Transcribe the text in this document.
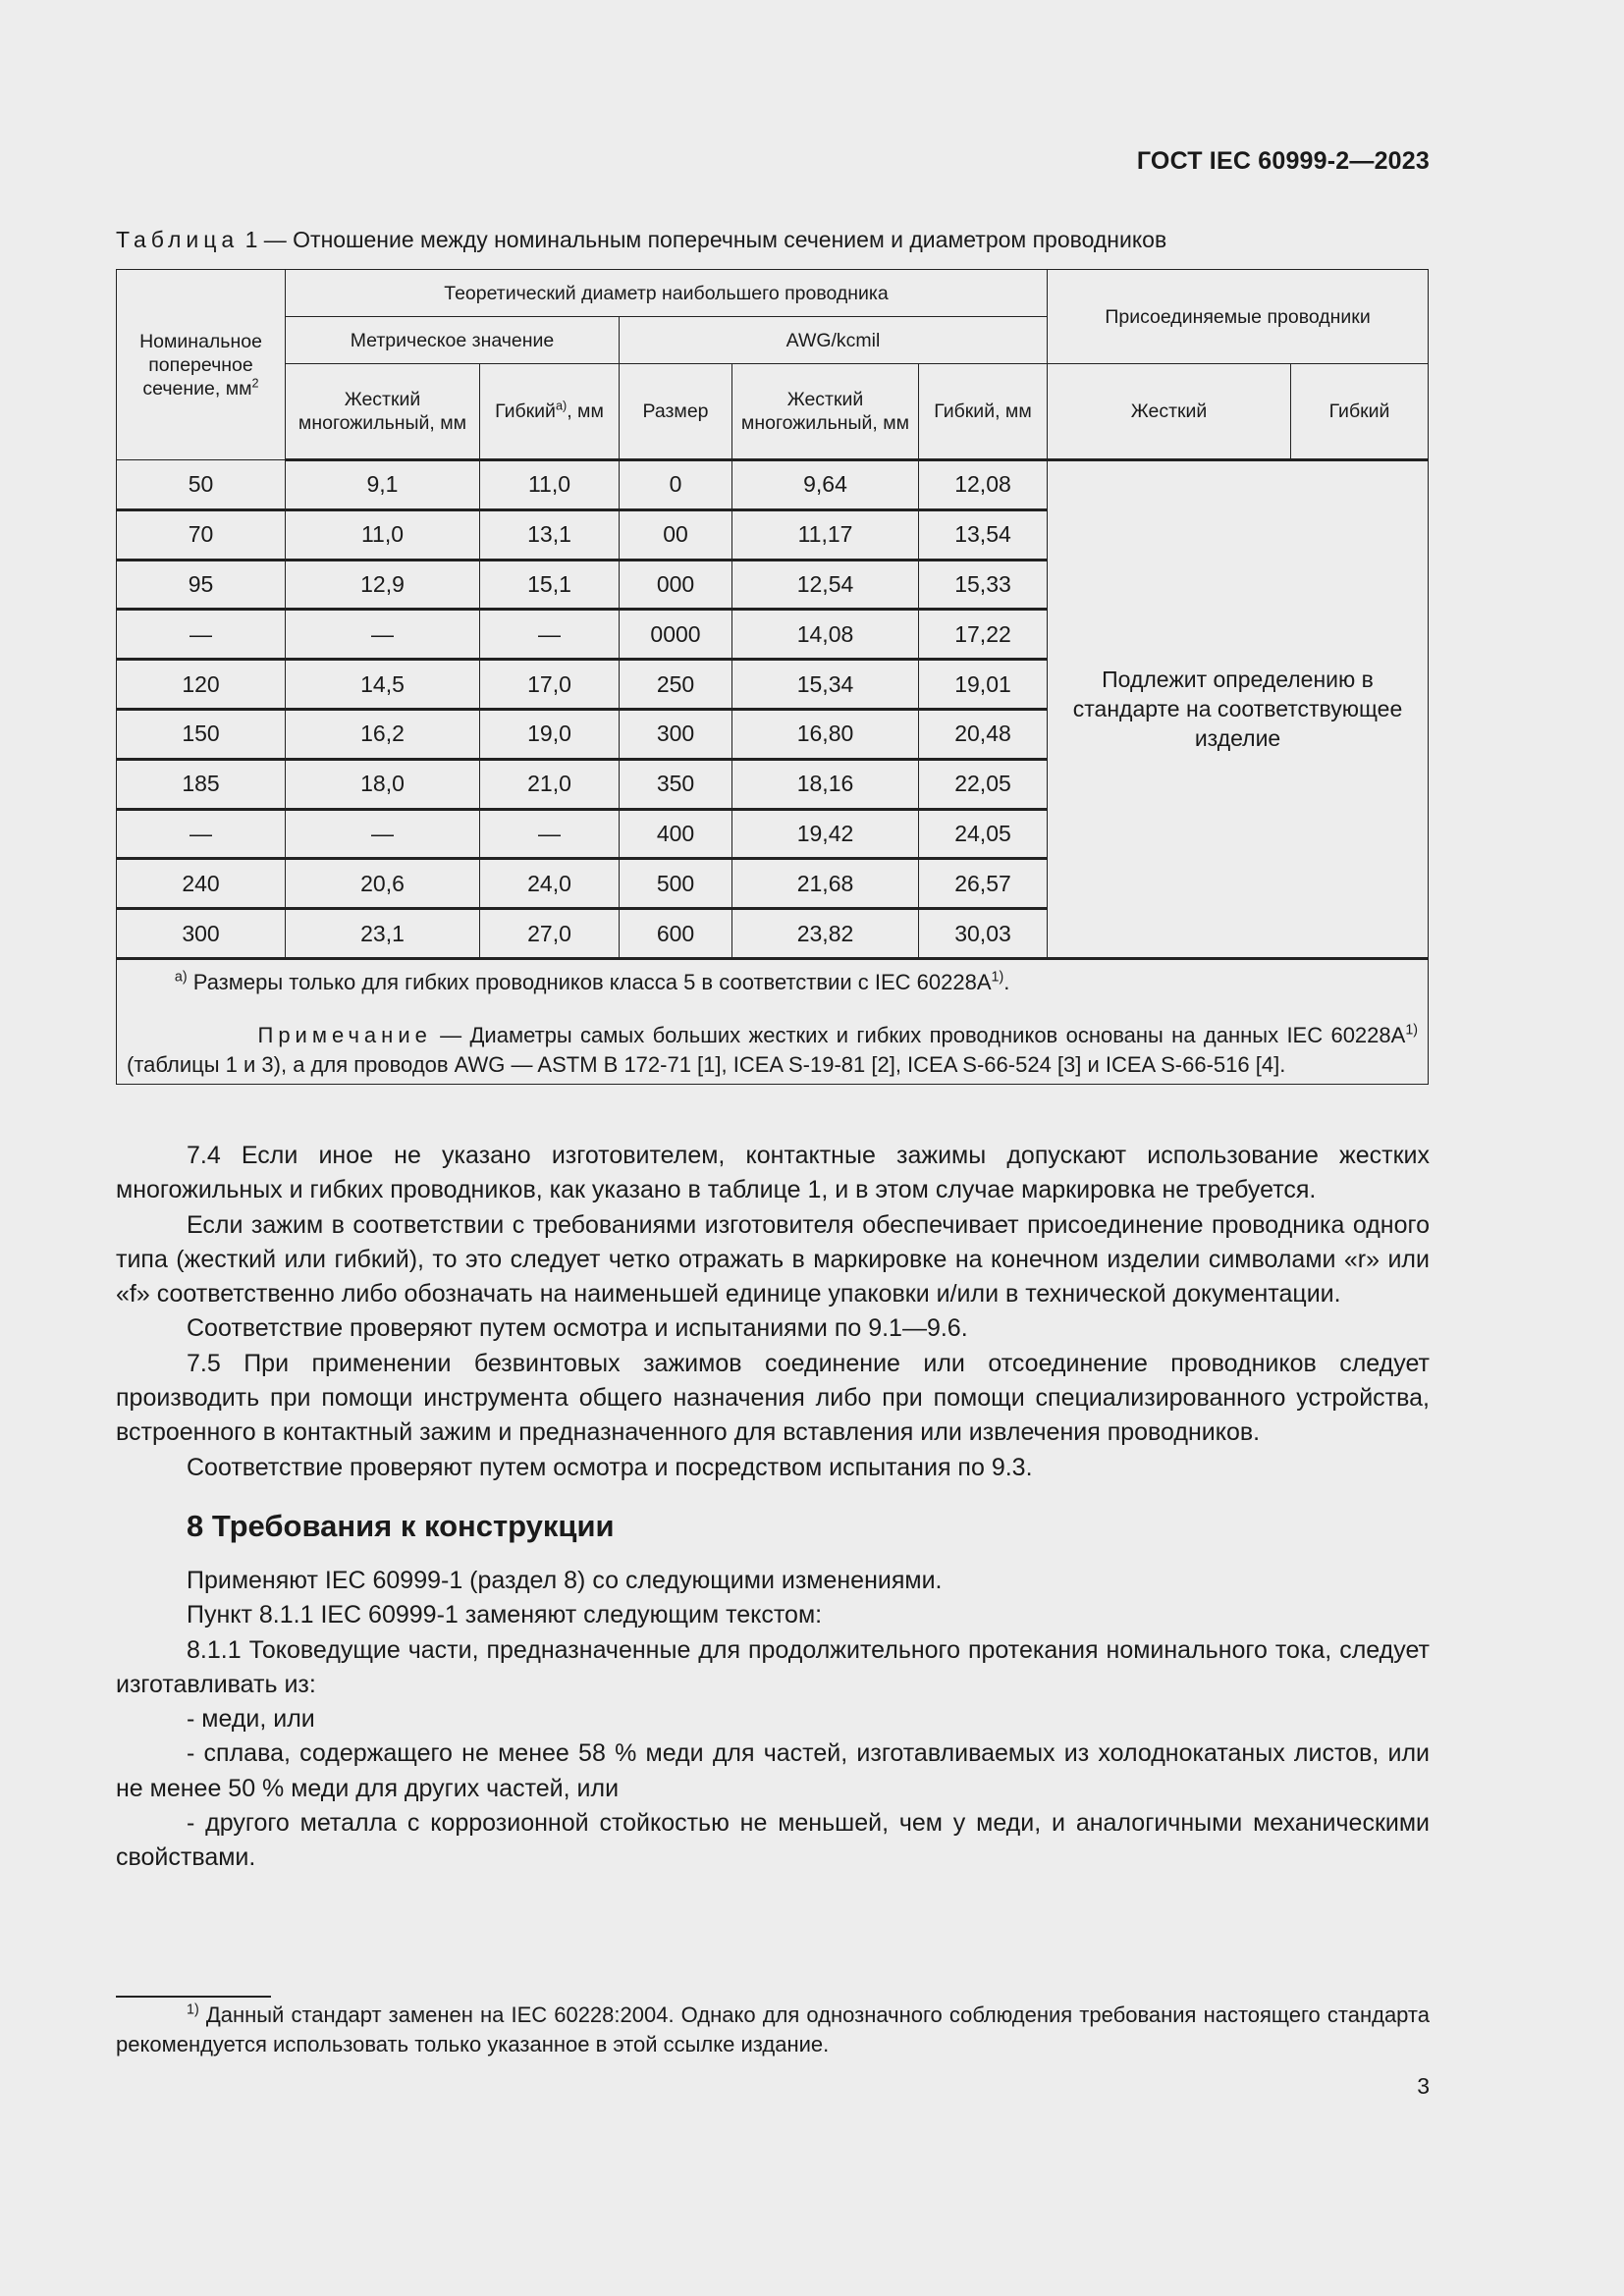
ГОСТ IEC 60999-2—2023
Таблица 1 — Отношение между номинальным поперечным сечением и диаметром проводников
Номинальное поперечное сечение, $мм^2$	Теоретический диаметр наибольшего проводника					Присоединяемые проводники	
	Метрическое значение		AWG/kcmil				
	Жесткий многожильный, мм	Гибкий$^{а)}$, мм	Размер	Жесткий многожильный, мм	Гибкий, мм	Жесткий	Гибкий
50	9,1	11,0	0	9,64	12,08	Подлежит определению в стандарте на соответствующее изделие	
70	11,0	13,1	00	11,17	13,54		
95	12,9	15,1	000	12,54	15,33		
—	—	—	0000	14,08	17,22		
120	14,5	17,0	250	15,34	19,01		
150	16,2	19,0	300	16,80	20,48		
185	18,0	21,0	350	18,16	22,05		
—	—	—	400	19,42	24,05		
240	20,6	24,0	500	21,68	26,57		
300	23,1	27,0	600	23,82	30,03		

$^{а)}$ Размеры только для гибких проводников класса 5 в соответствии с IEC $60228A^{1)}$.
Примечание — Диаметры самых больших жестких и гибких проводников основаны на данных IEC $60228A^{1)}$ (таблицы 1 и 3), а для проводов AWG — ASTM B 172-71 [1], ICEA S-19-81 [2], ICEA S-66-524 [3] и ICEA S-66-516 [4].							

7.4 Если иное не указано изготовителем, контактные зажимы допускают использование жестких многожильных и гибких проводников, как указано в таблице 1, и в этом случае маркировка не требуется.

Если зажим в соответствии с требованиями изготовителя обеспечивает присоединение проводника одного типа (жесткий или гибкий), то это следует четко отражать в маркировке на конечном изделии символами «r» или «f» соответственно либо обозначать на наименьшей единице упаковки и/или в технической документации.

Соответствие проверяют путем осмотра и испытаниями по 9.1—9.6.

7.5 При применении безвинтовых зажимов соединение или отсоединение проводников следует производить при помощи инструмента общего назначения либо при помощи специализированного устройства, встроенного в контактный зажим и предназначенного для вставления или извлечения проводников.

Соответствие проверяют путем осмотра и посредством испытания по 9.3.

8 Требования к конструкции

Применяют IEC 60999-1 (раздел 8) со следующими изменениями.

Пункт 8.1.1 IEC 60999-1 заменяют следующим текстом:

8.1.1 Токоведущие части, предназначенные для продолжительного протекания номинального тока, следует изготавливать из:

- меди, или

- сплава, содержащего не менее 58 % меди для частей, изготавливаемых из холоднокатаных листов, или не менее 50 % меди для других частей, или

- другого металла с коррозионной стойкостью не меньшей, чем у меди, и аналогичными механическими свойствами.

$^{1)}$ Данный стандарт заменен на IEC 60228:2004. Однако для однозначного соблюдения требования настоящего стандарта рекомендуется использовать только указанное в этой ссылке издание.
3
